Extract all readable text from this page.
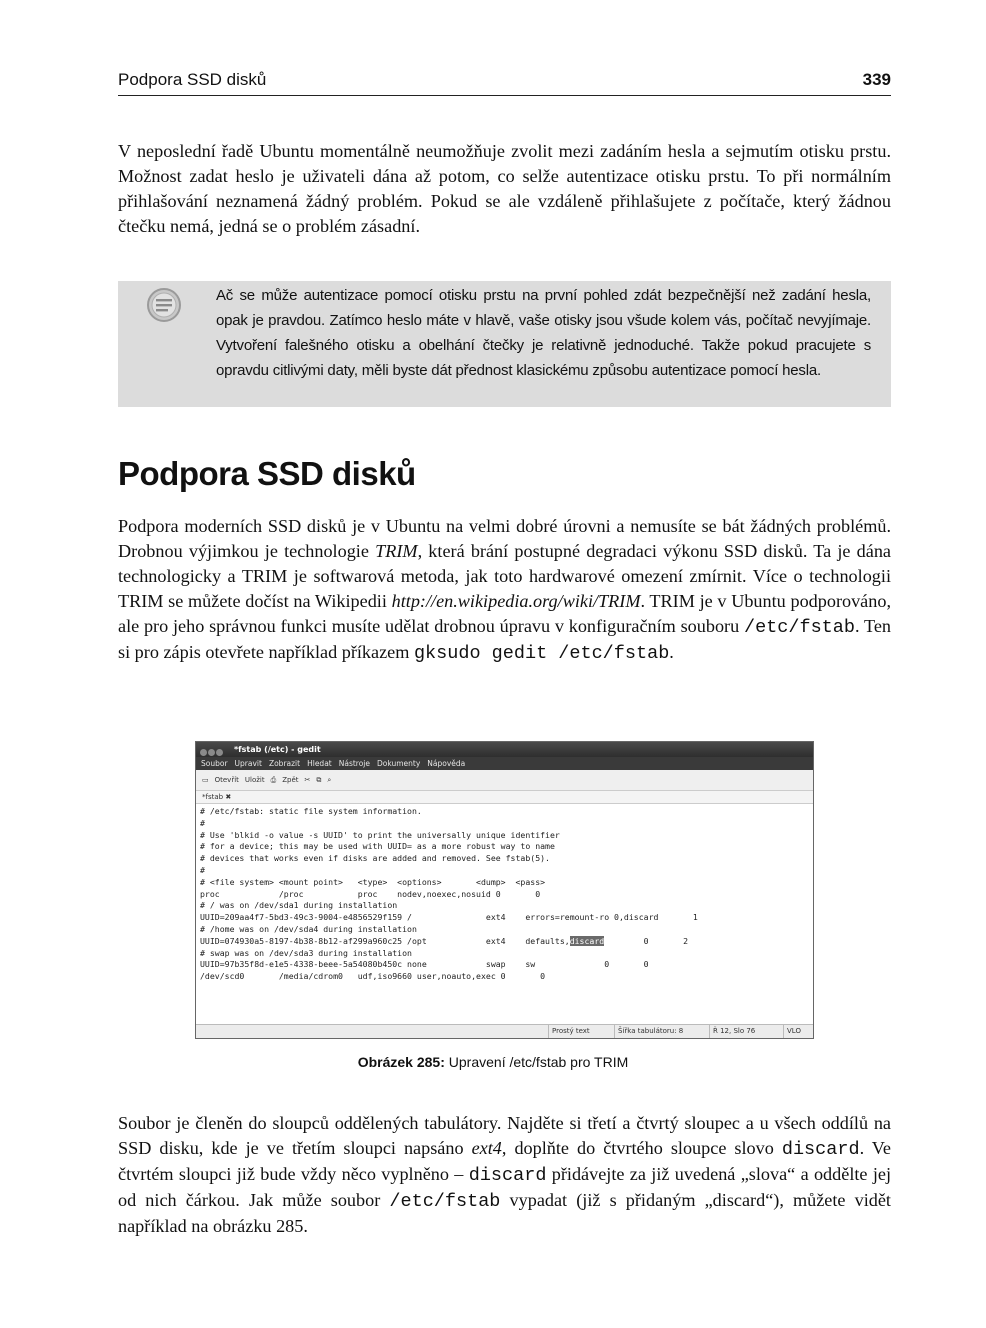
Podpora SSD disků	339

V neposlední řadě Ubuntu momentálně neumožňuje zvolit mezi zadáním hesla a sejmutím otisku prstu. Možnost zadat heslo je uživateli dána až potom, co selže autentizace otisku prstu. To při normálním přihlašování neznamená žádný problém. Pokud se ale vzdáleně přihlašujete z počítače, který žádnou čtečku nemá, jedná se o problém zásadní.

Ač se může autentizace pomocí otisku prstu na první pohled zdát bezpečnější než zadání hesla, opak je pravdou. Zatímco heslo máte v hlavě, vaše otisky jsou všude kolem vás, počítač nevyjímaje. Vytvoření falešného otisku a obelhání čtečky je relativně jednoduché. Takže pokud pracujete s opravdu citlivými daty, měli byste dát přednost klasickému způsobu autentizace pomocí hesla.

Podpora SSD disků

Podpora moderních SSD disků je v Ubuntu na velmi dobré úrovni a nemusíte se bát žádných problémů. Drobnou výjimkou je technologie TRIM, která brání postupné degradaci výkonu SSD disků. Ta je dána technologicky a TRIM je softwarová metoda, jak toto hardwarové omezení zmírnit. Více o technologii TRIM se můžete dočíst na Wikipedii http://en.wikipedia.org/wiki/TRIM. TRIM je v Ubuntu podporováno, ale pro jeho správnou funkci musíte udělat drobnou úpravu v konfiguračním souboru /etc/fstab. Ten si pro zápis otevřete například příkazem gksudo gedit /etc/fstab.

*fstab (/etc) - gedit
Soubor Upravit Zobrazit Hledat Nástroje Dokumenty Nápověda
▭ Otevřít Uložit ⎙ Zpět ✂ ⧉ ⌕
*fstab ✖
# /etc/fstab: static file system information.
#
# Use 'blkid -o value -s UUID' to print the universally unique identifier
# for a device; this may be used with UUID= as a more robust way to name
# devices that works even if disks are added and removed. See fstab(5).
#
# <file system> <mount point>   <type>  <options>       <dump>  <pass>
proc            /proc           proc    nodev,noexec,nosuid 0       0
# / was on /dev/sda1 during installation
UUID=209aa4f7-5bd3-49c3-9004-e4856529f159 /               ext4    errors=remount-ro 0,discard       1
# /home was on /dev/sda4 during installation
UUID=074930a5-8197-4b38-8b12-af299a960c25 /opt            ext4    defaults,discard	0       2
# swap was on /dev/sda3 during installation
UUID=97b35f8d-e1e5-4338-beee-5a54080b450c none            swap    sw              0       0
/dev/scd0       /media/cdrom0   udf,iso9660 user,noauto,exec 0       0
Prostý text	Šířka tabulátoru: 8	Ř 12, Slo 76	VLO
Obrázek 285: Upravení /etc/fstab pro TRIM

Soubor je členěn do sloupců oddělených tabulátory. Najděte si třetí a čtvrtý sloupec a u všech oddílů na SSD disku, kde je ve třetím sloupci napsáno ext4, doplňte do čtvrtého sloupce slovo discard. Ve čtvrtém sloupci již bude vždy něco vyplněno – discard přidávejte za již uvedená „slova“ a oddělte jej od nich čárkou. Jak může soubor /etc/fstab vypadat (již s přidaným „discard“), můžete vidět například na obrázku 285.
